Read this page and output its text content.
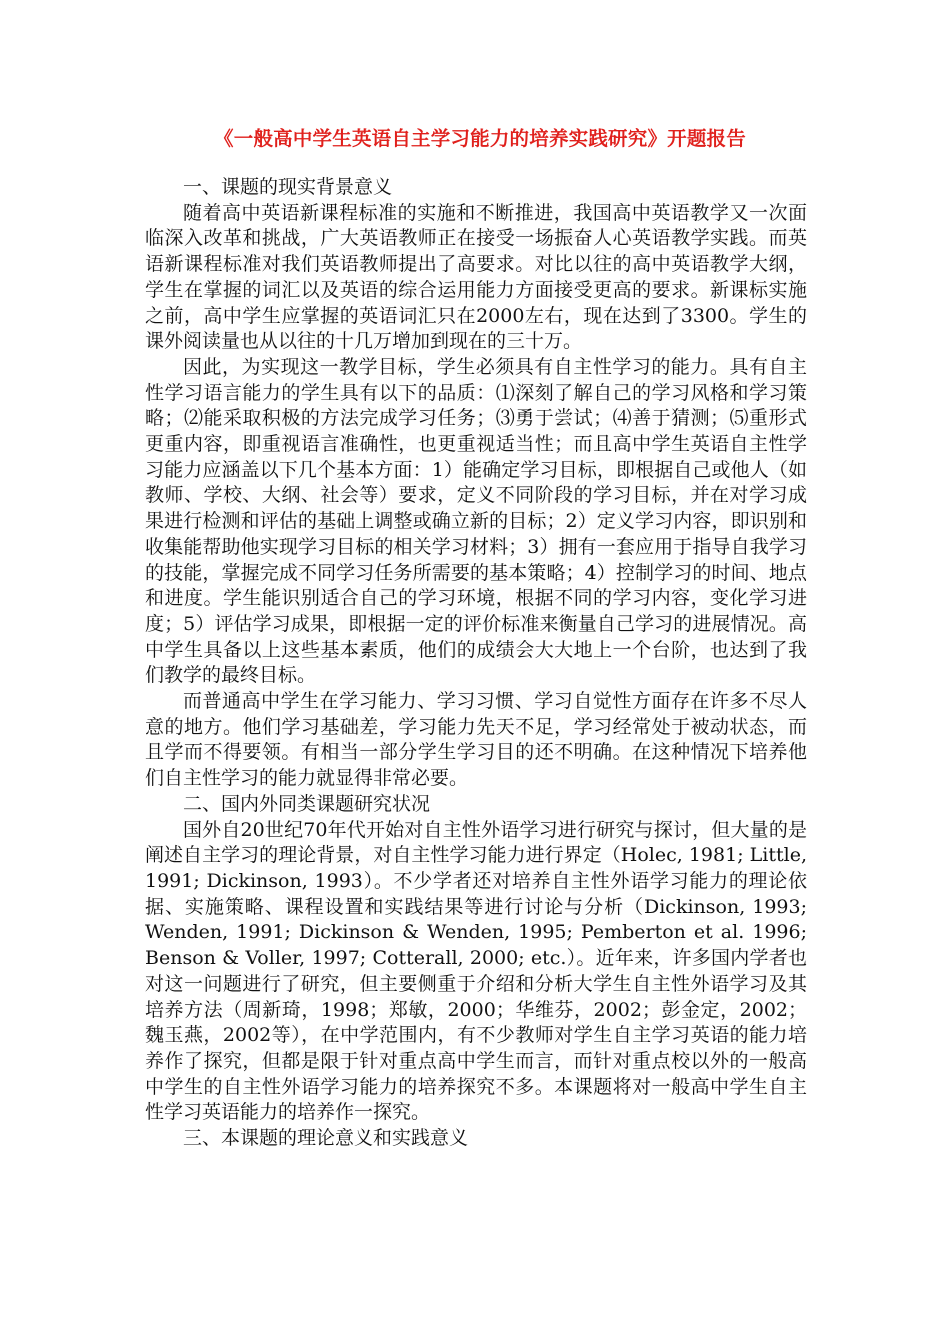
《一般高中学生英语自主学习能力的培养实践研究》开题报告

一、课题的现实背景意义

随着高中英语新课程标准的实施和不断推进，我国高中英语教学又一次面临深入改革和挑战，广大英语教师正在接受一场振奋人心英语教学实践。而英语新课程标准对我们英语教师提出了高要求。对比以往的高中英语教学大纲，学生在掌握的词汇以及英语的综合运用能力方面接受更高的要求。新课标实施之前，高中学生应掌握的英语词汇只在2000左右，现在达到了3300。学生的课外阅读量也从以往的十几万增加到现在的三十万。

因此，为实现这一教学目标，学生必须具有自主性学习的能力。具有自主性学习语言能力的学生具有以下的品质：⑴深刻了解自己的学习风格和学习策略；⑵能采取积极的方法完成学习任务；⑶勇于尝试；⑷善于猜测；⑸重形式更重内容，即重视语言准确性，也更重视适当性；而且高中学生英语自主性学习能力应涵盖以下几个基本方面：1）能确定学习目标，即根据自己或他人（如教师、学校、大纲、社会等）要求，定义不同阶段的学习目标，并在对学习成果进行检测和评估的基础上调整或确立新的目标；2）定义学习内容，即识别和收集能帮助他实现学习目标的相关学习材料；3）拥有一套应用于指导自我学习的技能，掌握完成不同学习任务所需要的基本策略；4）控制学习的时间、地点和进度。学生能识别适合自己的学习环境，根据不同的学习内容，变化学习进度；5）评估学习成果，即根据一定的评价标准来衡量自己学习的进展情况。高中学生具备以上这些基本素质，他们的成绩会大大地上一个台阶，也达到了我们教学的最终目标。

而普通高中学生在学习能力、学习习惯、学习自觉性方面存在许多不尽人意的地方。他们学习基础差，学习能力先天不足，学习经常处于被动状态，而且学而不得要领。有相当一部分学生学习目的还不明确。在这种情况下培养他们自主性学习的能力就显得非常必要。

二、国内外同类课题研究状况

国外自20世纪70年代开始对自主性外语学习进行研究与探讨，但大量的是阐述自主学习的理论背景，对自主性学习能力进行界定（Holec, 1981; Little, 1991; Dickinson, 1993）。不少学者还对培养自主性外语学习能力的理论依据、实施策略、课程设置和实践结果等进行讨论与分析（Dickinson, 1993; Wenden, 1991; Dickinson & Wenden, 1995; Pemberton et al. 1996; Benson & Voller, 1997; Cotterall, 2000; etc.）。近年来，许多国内学者也对这一问题进行了研究，但主要侧重于介绍和分析大学生自主性外语学习及其培养方法（周新琦，1998；郑敏，2000；华维芬，2002；彭金定，2002；魏玉燕，2002等），在中学范围内，有不少教师对学生自主学习英语的能力培养作了探究，但都是限于针对重点高中学生而言，而针对重点校以外的一般高中学生的自主性外语学习能力的培养探究不多。本课题将对一般高中学生自主性学习英语能力的培养作一探究。

三、本课题的理论意义和实践意义
